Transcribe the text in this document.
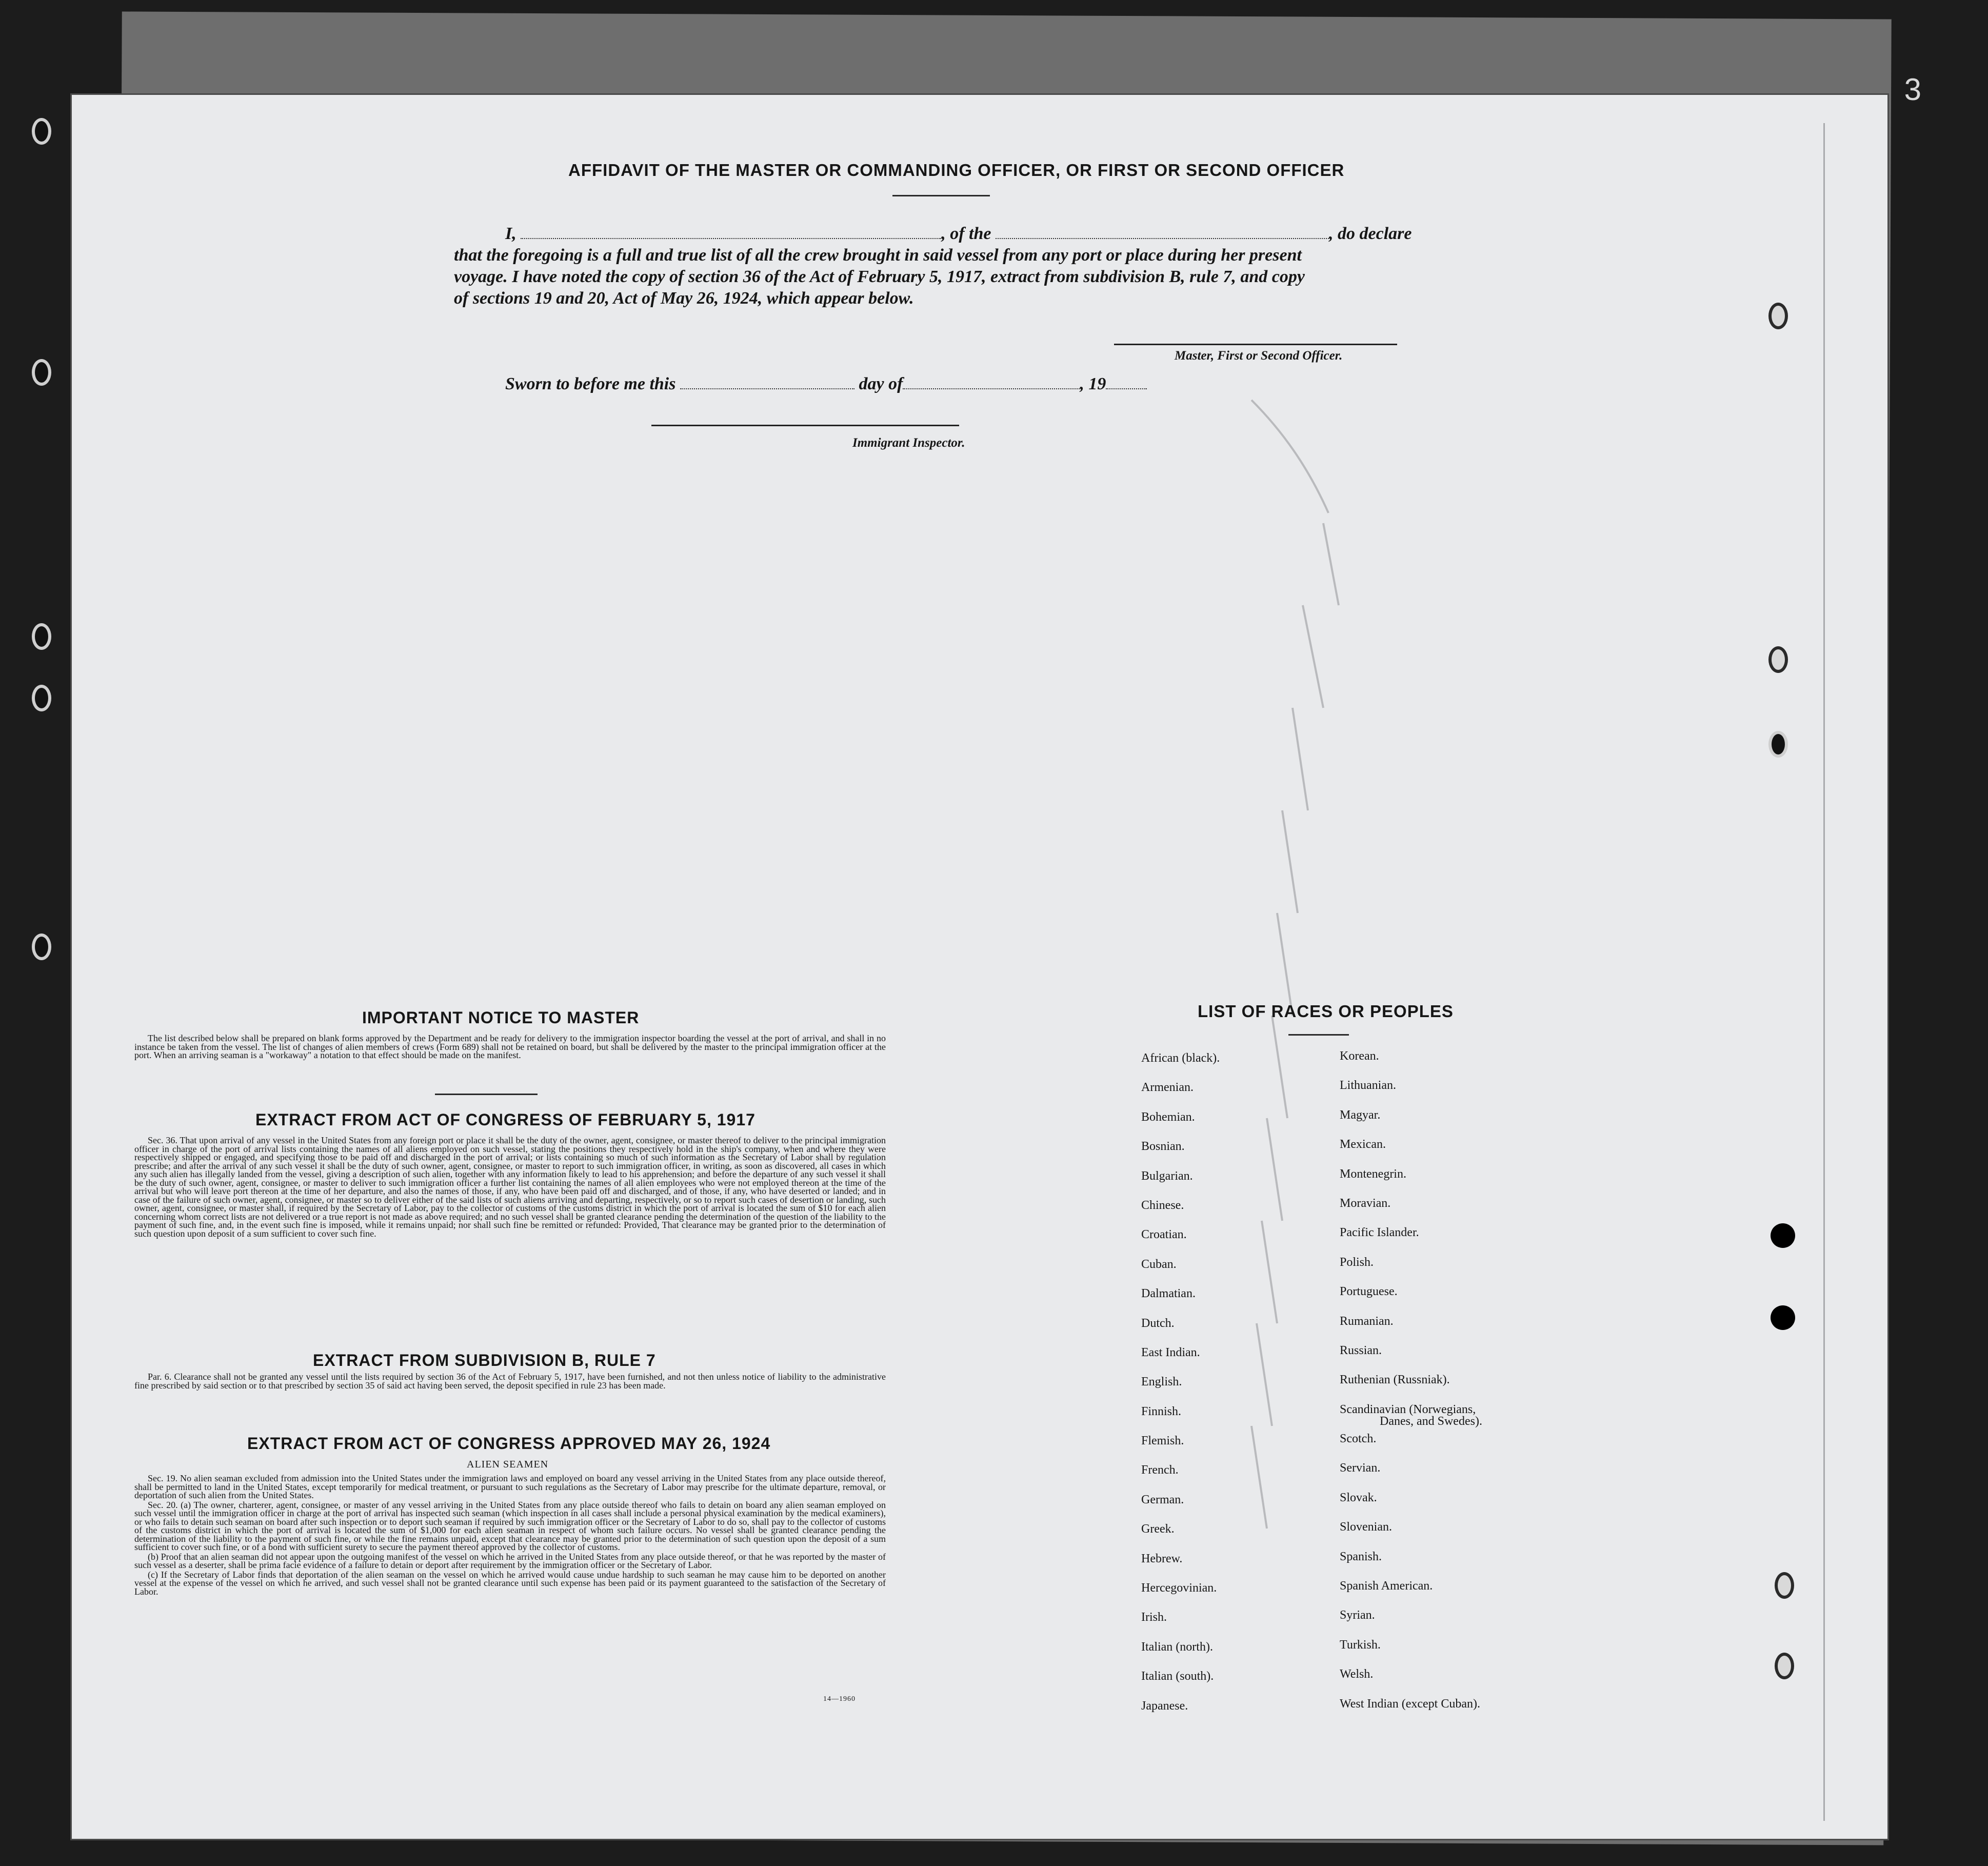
3
AFFIDAVIT OF THE MASTER OR COMMANDING OFFICER, OR FIRST OR SECOND OFFICER

I,	, of the	, do declare

that the foregoing is a full and true list of all the crew brought in said vessel from any port or place during her present

voyage. I have noted the copy of section 36 of the Act of February 5, 1917, extract from subdivision B, rule 7, and copy

of sections 19 and 20, Act of May 26, 1924, which appear below.

Master, First or Second Officer.

Sworn to before me this	day of	, 19

Immigrant Inspector.
IMPORTANT NOTICE TO MASTER

The list described below shall be prepared on blank forms approved by the Department and be ready for delivery to the immigration inspector boarding the vessel at the port of arrival, and shall in no instance be taken from the vessel. The list of changes of alien members of crews (Form 689) shall not be retained on board, but shall be delivered by the master to the principal immigration officer at the port. When an arriving seaman is a "workaway" a notation to that effect should be made on the manifest.

EXTRACT FROM ACT OF CONGRESS OF FEBRUARY 5, 1917

Sec. 36. That upon arrival of any vessel in the United States from any foreign port or place it shall be the duty of the owner, agent, consignee, or master thereof to deliver to the principal immigration officer in charge of the port of arrival lists containing the names of all aliens employed on such vessel, stating the positions they respectively hold in the ship's company, when and where they were respectively shipped or engaged, and specifying those to be paid off and discharged in the port of arrival; or lists containing so much of such information as the Secretary of Labor shall by regulation prescribe; and after the arrival of any such vessel it shall be the duty of such owner, agent, consignee, or master to report to such immigration officer, in writing, as soon as discovered, all cases in which any such alien has illegally landed from the vessel, giving a description of such alien, together with any information likely to lead to his apprehension; and before the departure of any such vessel it shall be the duty of such owner, agent, consignee, or master to deliver to such immigration officer a further list containing the names of all alien employees who were not employed thereon at the time of the arrival but who will leave port thereon at the time of her departure, and also the names of those, if any, who have been paid off and discharged, and of those, if any, who have deserted or landed; and in case of the failure of such owner, agent, consignee, or master so to deliver either of the said lists of such aliens arriving and departing, respectively, or so to report such cases of desertion or landing, such owner, agent, consignee, or master shall, if required by the Secretary of Labor, pay to the collector of customs of the customs district in which the port of arrival is located the sum of $10 for each alien concerning whom correct lists are not delivered or a true report is not made as above required; and no such vessel shall be granted clearance pending the determination of the question of the liability to the payment of such fine, and, in the event such fine is imposed, while it remains unpaid; nor shall such fine be remitted or refunded: Provided, That clearance may be granted prior to the determination of such question upon deposit of a sum sufficient to cover such fine.

EXTRACT FROM SUBDIVISION B, RULE 7

Par. 6. Clearance shall not be granted any vessel until the lists required by section 36 of the Act of February 5, 1917, have been furnished, and not then unless notice of liability to the administrative fine prescribed by said section or to that prescribed by section 35 of said act having been served, the deposit specified in rule 23 has been made.

EXTRACT FROM ACT OF CONGRESS APPROVED MAY 26, 1924
ALIEN SEAMEN

Sec. 19. No alien seaman excluded from admission into the United States under the immigration laws and employed on board any vessel arriving in the United States from any place outside thereof, shall be permitted to land in the United States, except temporarily for medical treatment, or pursuant to such regulations as the Secretary of Labor may prescribe for the ultimate departure, removal, or deportation of such alien from the United States.

Sec. 20. (a) The owner, charterer, agent, consignee, or master of any vessel arriving in the United States from any place outside thereof who fails to detain on board any alien seaman employed on such vessel until the immigration officer in charge at the port of arrival has inspected such seaman (which inspection in all cases shall include a personal physical examination by the medical examiners), or who fails to detain such seaman on board after such inspection or to deport such seaman if required by such immigration officer or the Secretary of Labor to do so, shall pay to the collector of customs of the customs district in which the port of arrival is located the sum of $1,000 for each alien seaman in respect of whom such failure occurs. No vessel shall be granted clearance pending the determination of the liability to the payment of such fine, or while the fine remains unpaid, except that clearance may be granted prior to the determination of such question upon the deposit of a sum sufficient to cover such fine, or of a bond with sufficient surety to secure the payment thereof approved by the collector of customs.

(b) Proof that an alien seaman did not appear upon the outgoing manifest of the vessel on which he arrived in the United States from any place outside thereof, or that he was reported by the master of such vessel as a deserter, shall be prima facie evidence of a failure to detain or deport after requirement by the immigration officer or the Secretary of Labor.

(c) If the Secretary of Labor finds that deportation of the alien seaman on the vessel on which he arrived would cause undue hardship to such seaman he may cause him to be deported on another vessel at the expense of the vessel on which he arrived, and such vessel shall not be granted clearance until such expense has been paid or its payment guaranteed to the satisfaction of the Secretary of Labor.

14—1960
LIST OF RACES OR PEOPLES
African (black).
Armenian.
Bohemian.
Bosnian.
Bulgarian.
Chinese.
Croatian.
Cuban.
Dalmatian.
Dutch.
East Indian.
English.
Finnish.
Flemish.
French.
German.
Greek.
Hebrew.
Hercegovinian.
Irish.
Italian (north).
Italian (south).
Japanese.
Korean.
Lithuanian.
Magyar.
Mexican.
Montenegrin.
Moravian.
Pacific Islander.
Polish.
Portuguese.
Rumanian.
Russian.
Ruthenian (Russniak).
Scandinavian (Norwegians,
Danes, and Swedes).
Scotch.
Servian.
Slovak.
Slovenian.
Spanish.
Spanish American.
Syrian.
Turkish.
Welsh.
West Indian (except Cuban).
